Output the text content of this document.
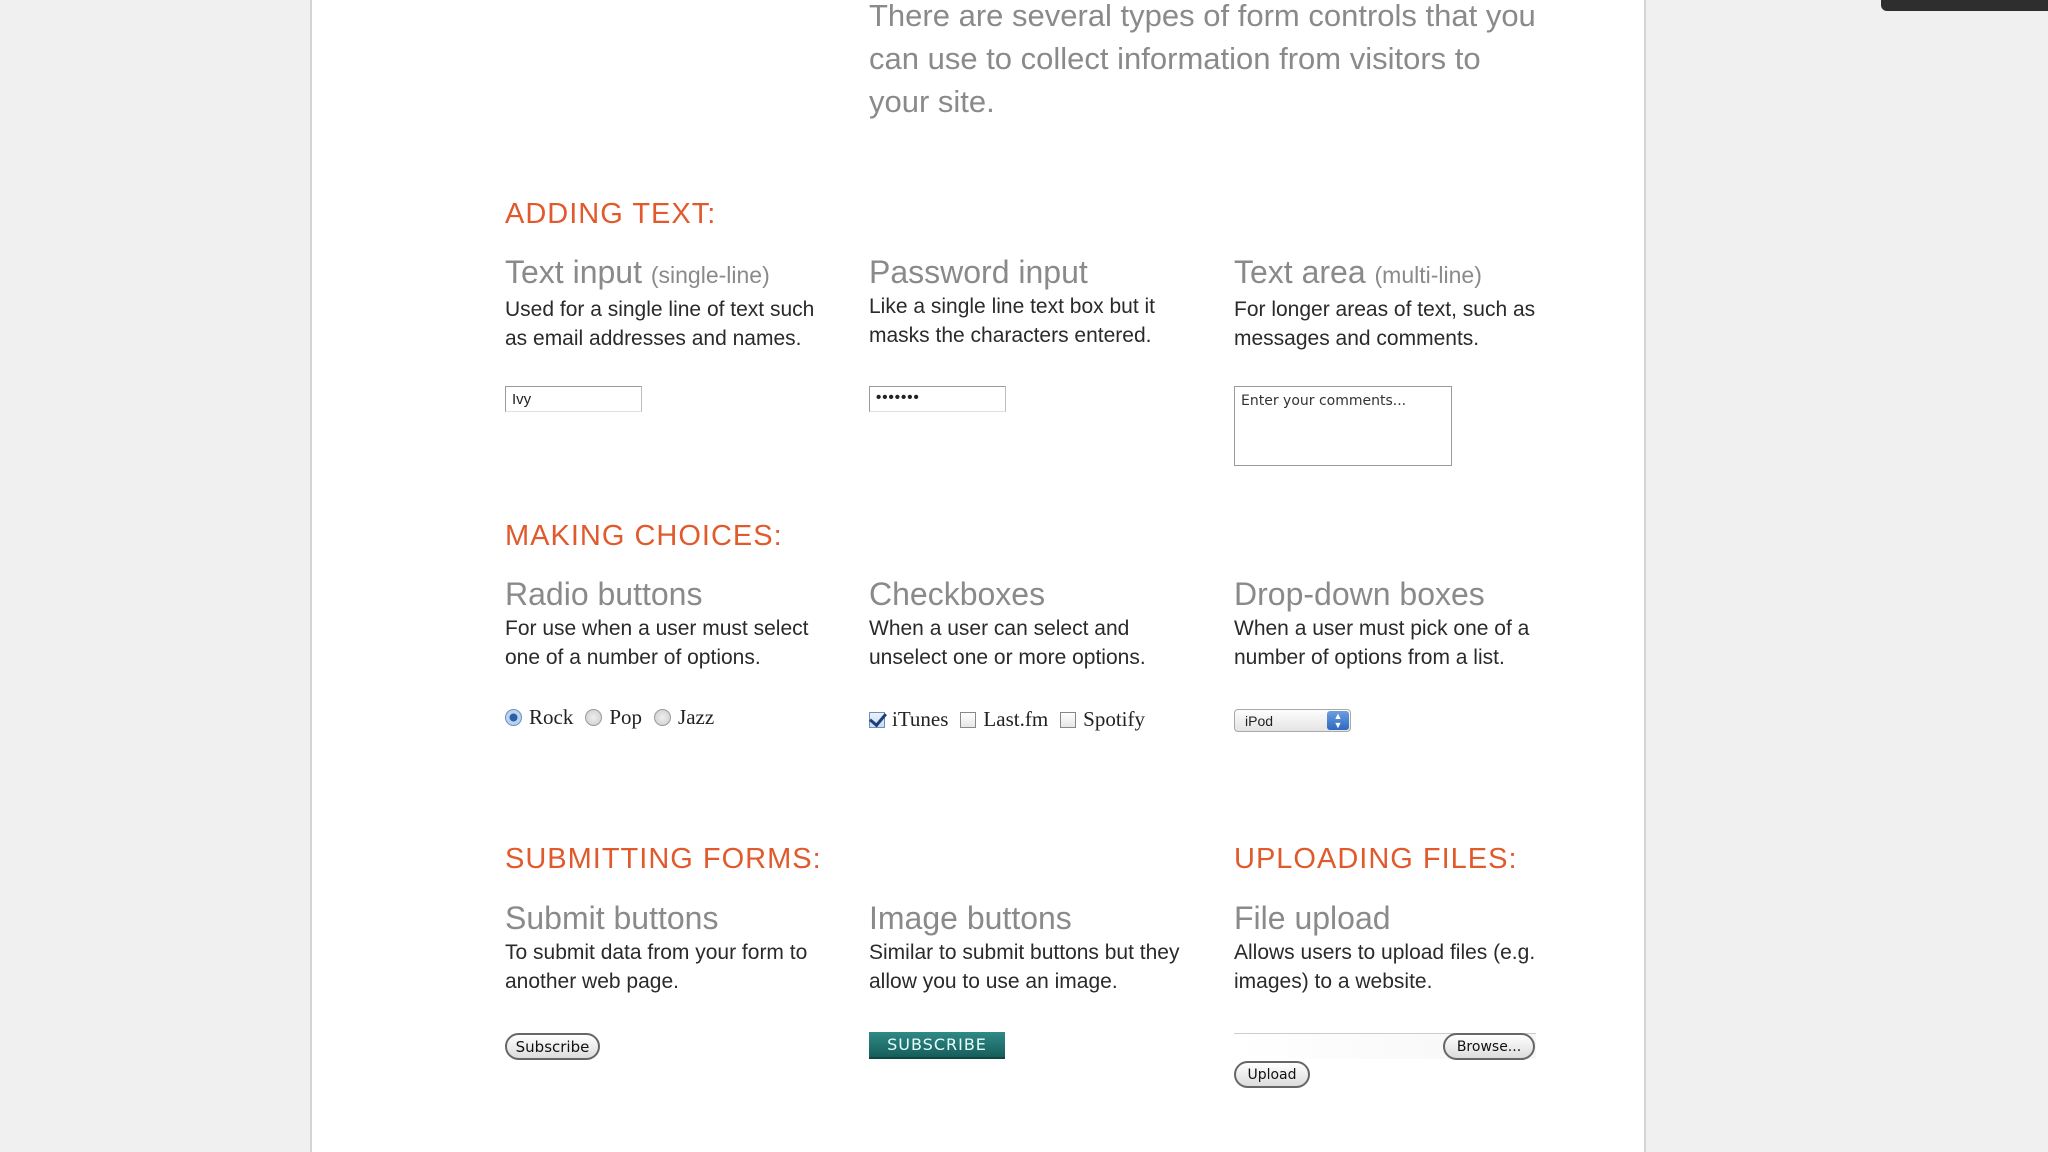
There are several types of form controls that you can use to collect information from visitors to your site.
ADDING TEXT:
MAKING CHOICES:
SUBMITTING FORMS:	UPLOADING FILES:
Text input (single-line)

Used for a single line of text such as email addresses and names.

Ivy
Password input

Like a single line text box but it masks the characters entered.

•••••••
Text area (multi-line)

For longer areas of text, such as messages and comments.

Enter your comments...
Radio buttons

For use when a user must select one of a number of options.

Rock Pop Jazz
Checkboxes

When a user can select and unselect one or more options.

iTunes Last.fm Spotify
Drop-down boxes

When a user must pick one of a number of options from a list.

iPod	▲
▼
Submit buttons

To submit data from your form to another web page.

Subscribe
Image buttons

Similar to submit buttons but they allow you to use an image.

SUBSCRIBE
File upload

Allows users to upload files (e.g. images) to a website.

Browse...
Upload
